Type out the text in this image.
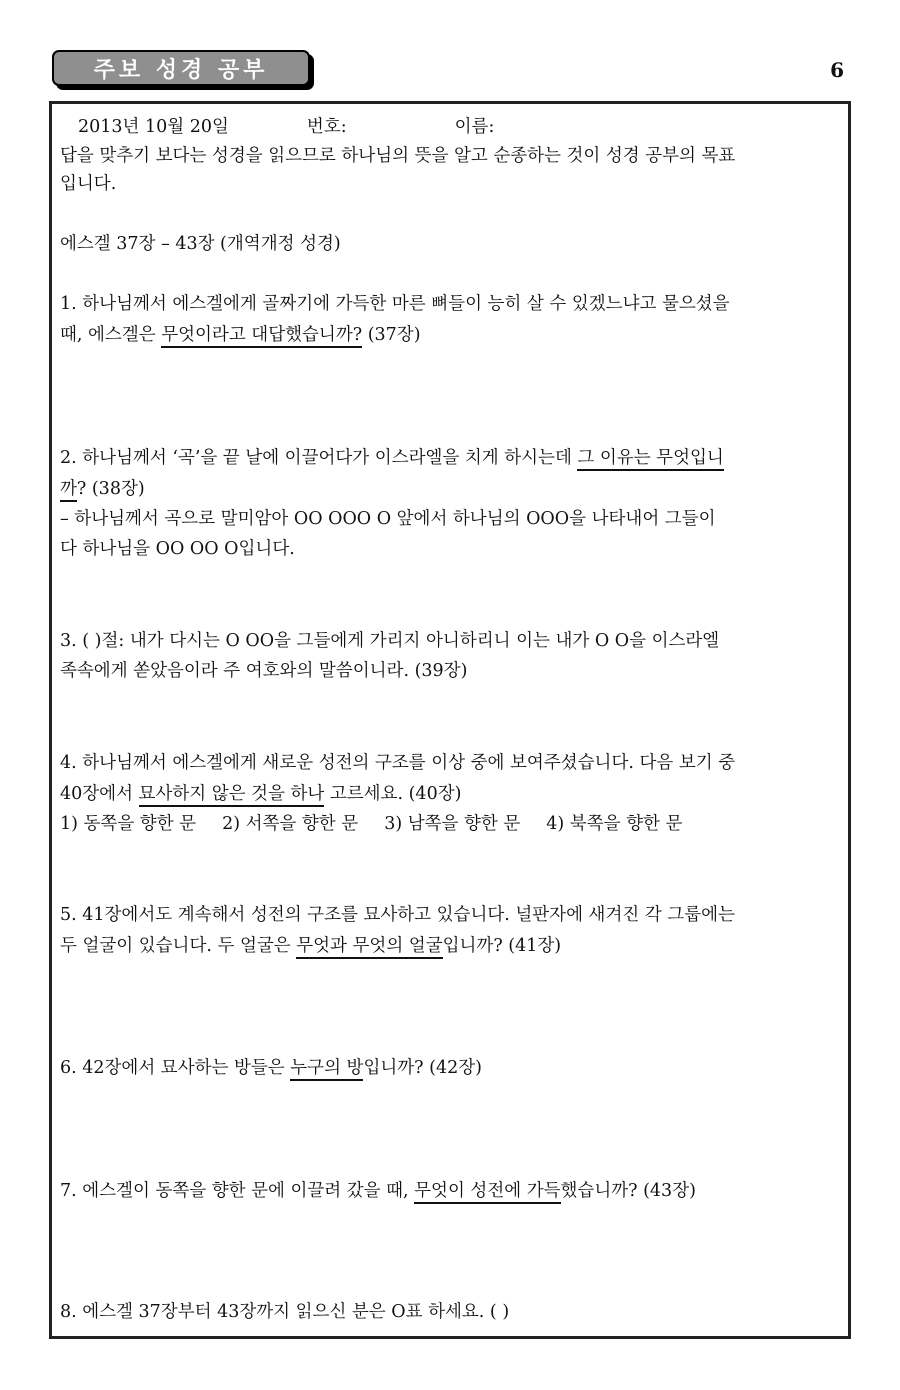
주보 성경 공부	6
2013년 10월 20일	번호:	이름:
답을 맞추기 보다는 성경을 읽으므로 하나님의 뜻을 알고 순종하는 것이 성경 공부의 목표
입니다.
에스겔 37장 – 43장 (개역개정 성경)
1. 하나님께서 에스겔에게 골짜기에 가득한 마른 뼈들이 능히 살 수 있겠느냐고 물으셨을
때, 에스겔은 무엇이라고 대답했습니까? (37장)
2. 하나님께서 ‘곡’을 끝 날에 이끌어다가 이스라엘을 치게 하시는데 그 이유는 무엇입니
까? (38장)
– 하나님께서 곡으로 말미암아 OO OOO O 앞에서 하나님의 OOO을 나타내어 그들이
다 하나님을 OO OO O입니다.
3. ( )절: 내가 다시는 O OO을 그들에게 가리지 아니하리니 이는 내가 O O을 이스라엘
족속에게 쏟았음이라 주 여호와의 말씀이니라. (39장)
4. 하나님께서 에스겔에게 새로운 성전의 구조를 이상 중에 보여주셨습니다. 다음 보기 중
40장에서 묘사하지 않은 것을 하나 고르세요. (40장)
1) 동쪽을 향한 문 2) 서쪽을 향한 문 3) 남쪽을 향한 문 4) 북쪽을 향한 문
5. 41장에서도 계속해서 성전의 구조를 묘사하고 있습니다. 널판자에 새겨진 각 그룹에는
두 얼굴이 있습니다. 두 얼굴은 무엇과 무엇의 얼굴입니까? (41장)
6. 42장에서 묘사하는 방들은 누구의 방입니까? (42장)
7. 에스겔이 동쪽을 향한 문에 이끌려 갔을 때, 무엇이 성전에 가득했습니까? (43장)
8. 에스겔 37장부터 43장까지 읽으신 분은 O표 하세요. ( )
